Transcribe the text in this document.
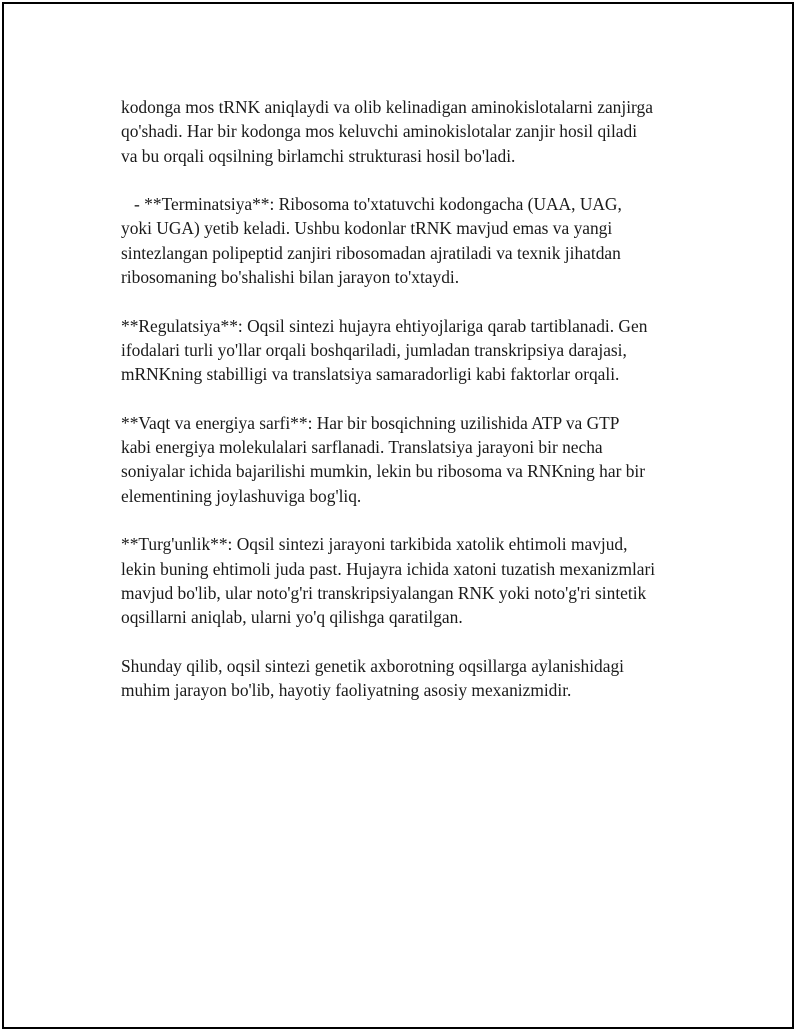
kodonga mos tRNK aniqlaydi va olib kelinadigan aminokislotalarni zanjirga
qo'shadi. Har bir kodonga mos keluvchi aminokislotalar zanjir hosil qiladi
va bu orqali oqsilning birlamchi strukturasi hosil bo'ladi.

- **Terminatsiya**: Ribosoma to'xtatuvchi kodongacha (UAA, UAG,
yoki UGA) yetib keladi. Ushbu kodonlar tRNK mavjud emas va yangi
sintezlangan polipeptid zanjiri ribosomadan ajratiladi va texnik jihatdan
ribosomaning bo'shalishi bilan jarayon to'xtaydi.

**Regulatsiya**: Oqsil sintezi hujayra ehtiyojlariga qarab tartiblanadi. Gen
ifodalari turli yo'llar orqali boshqariladi, jumladan transkripsiya darajasi,
mRNKning stabilligi va translatsiya samaradorligi kabi faktorlar orqali.

**Vaqt va energiya sarfi**: Har bir bosqichning uzilishida ATP va GTP
kabi energiya molekulalari sarflanadi. Translatsiya jarayoni bir necha
soniyalar ichida bajarilishi mumkin, lekin bu ribosoma va RNKning har bir
elementining joylashuviga bog'liq.

**Turg'unlik**: Oqsil sintezi jarayoni tarkibida xatolik ehtimoli mavjud,
lekin buning ehtimoli juda past. Hujayra ichida xatoni tuzatish mexanizmlari
mavjud bo'lib, ular noto'g'ri transkripsiyalangan RNK yoki noto'g'ri sintetik
oqsillarni aniqlab, ularni yo'q qilishga qaratilgan.

Shunday qilib, oqsil sintezi genetik axborotning oqsillarga aylanishidagi
muhim jarayon bo'lib, hayotiy faoliyatning asosiy mexanizmidir.
